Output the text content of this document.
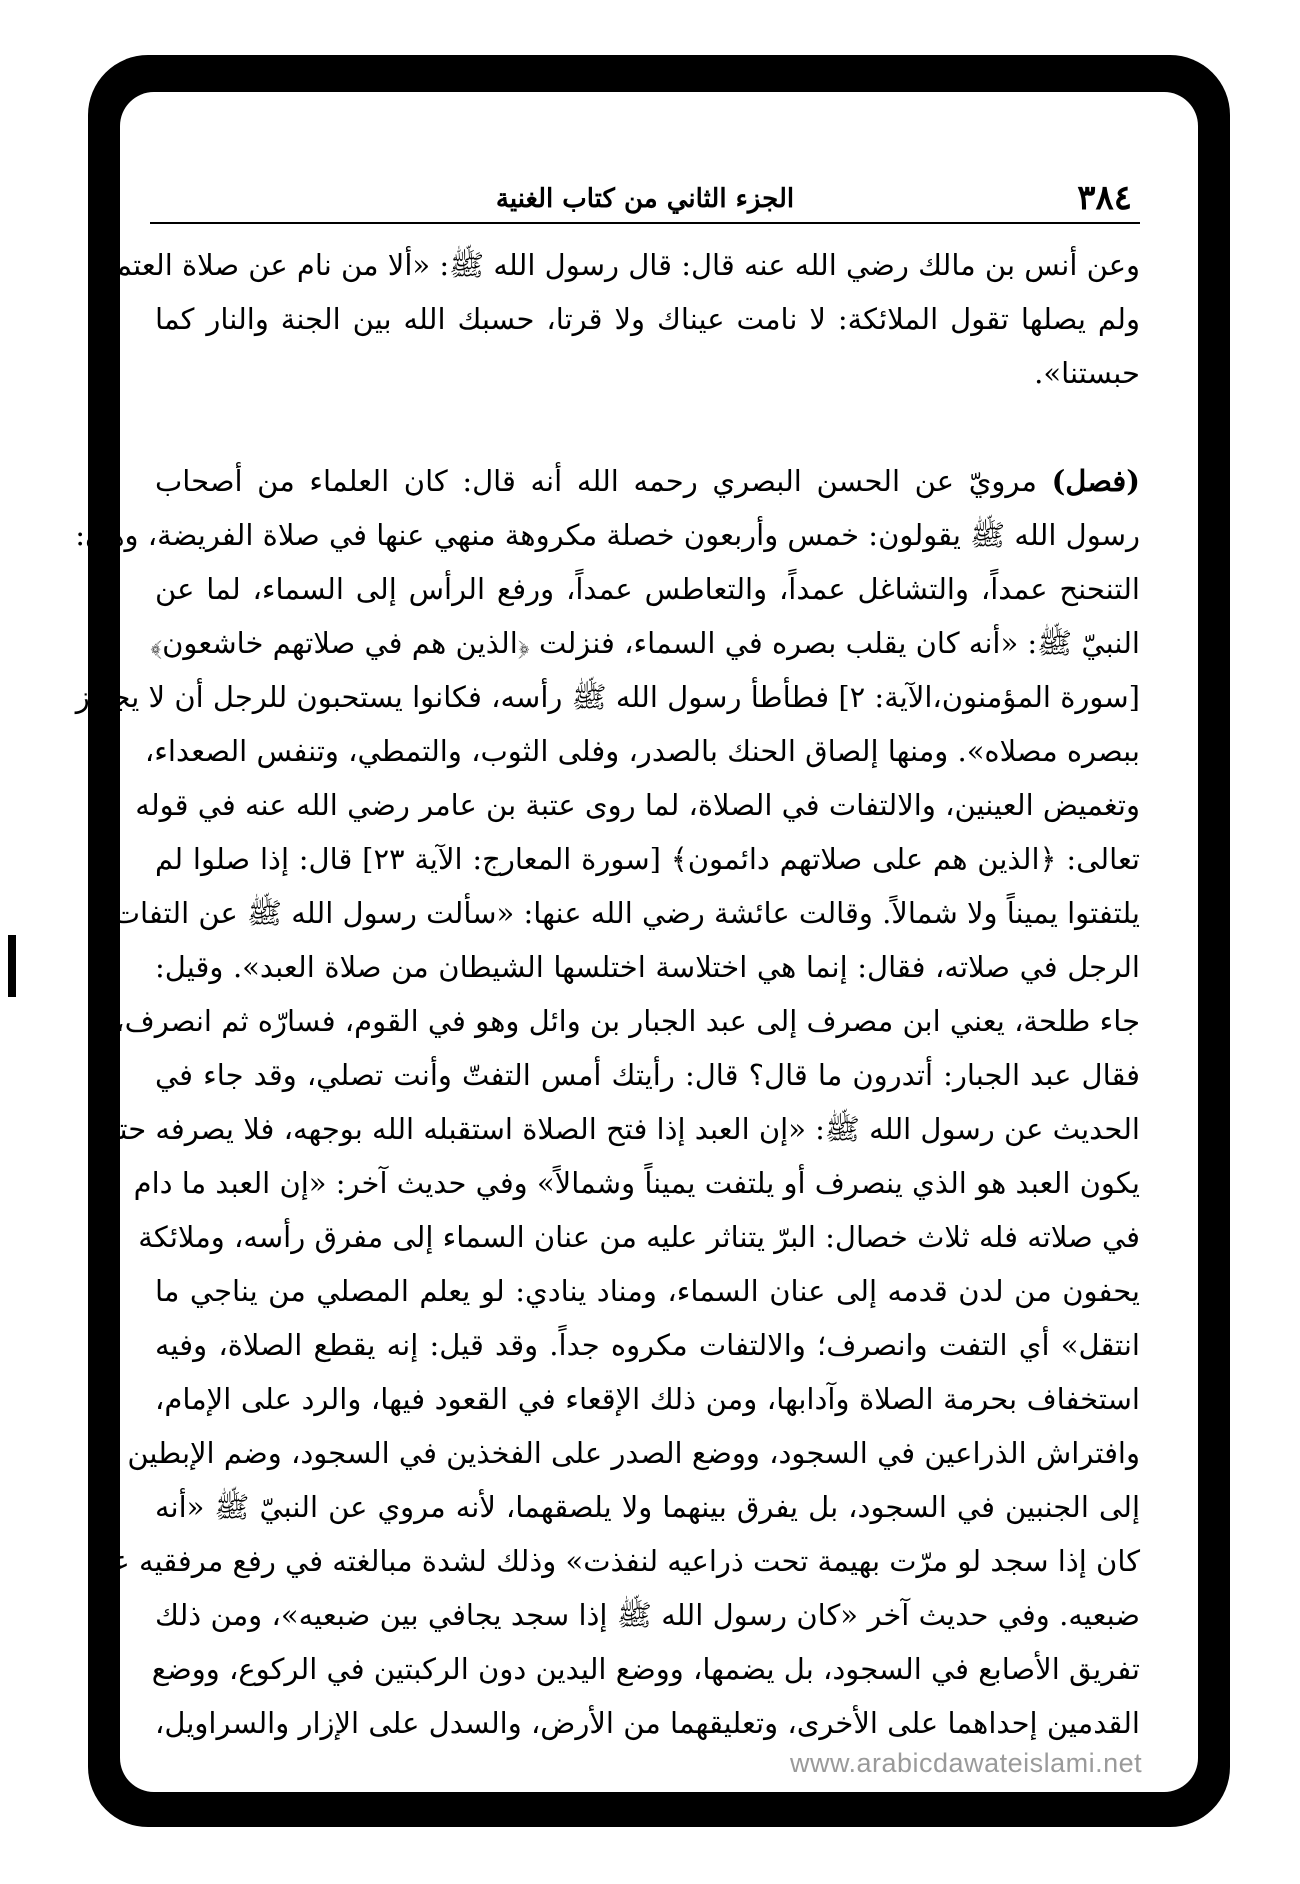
٣٨٤
الجزء الثاني من كتاب الغنية
وعن أنس بن مالك رضي الله عنه قال: قال رسول الله ﷺ: «ألا من نام عن صلاة العتمة
ولم يصلها تقول الملائكة: لا نامت عيناك ولا قرتا، حسبك الله بين الجنة والنار كما
حبستنا».
(فصل) مرويّ عن الحسن البصري رحمه الله أنه قال: كان العلماء من أصحاب
رسول الله ﷺ يقولون: خمس وأربعون خصلة مكروهة منهي عنها في صلاة الفريضة، وهي:
التنحنح عمداً، والتشاغل عمداً، والتعاطس عمداً، ورفع الرأس إلى السماء، لما عن
النبيّ ﷺ: «أنه كان يقلب بصره في السماء، فنزلت ﴿الذين هم في صلاتهم خاشعون﴾
[سورة المؤمنون،الآية: ٢] فطأطأ رسول الله ﷺ رأسه، فكانوا يستحبون للرجل أن لا يجاوز
ببصره مصلاه». ومنها إلصاق الحنك بالصدر، وفلى الثوب، والتمطي، وتنفس الصعداء،
وتغميض العينين، والالتفات في الصلاة، لما روى عتبة بن عامر رضي الله عنه في قوله
تعالى: ﴿الذين هم على صلاتهم دائمون﴾ [سورة المعارج: الآية ٢٣] قال: إذا صلوا لم
يلتفتوا يميناً ولا شمالاً. وقالت عائشة رضي الله عنها: «سألت رسول الله ﷺ عن التفات
الرجل في صلاته، فقال: إنما هي اختلاسة اختلسها الشيطان من صلاة العبد». وقيل:
جاء طلحة، يعني ابن مصرف إلى عبد الجبار بن وائل وهو في القوم، فسارّه ثم انصرف،
فقال عبد الجبار: أتدرون ما قال؟ قال: رأيتك أمس التفتّ وأنت تصلي، وقد جاء في
الحديث عن رسول الله ﷺ: «إن العبد إذا فتح الصلاة استقبله الله بوجهه، فلا يصرفه حتى
يكون العبد هو الذي ينصرف أو يلتفت يميناً وشمالاً» وفي حديث آخر: «إن العبد ما دام
في صلاته فله ثلاث خصال: البرّ يتناثر عليه من عنان السماء إلى مفرق رأسه، وملائكة
يحفون من لدن قدمه إلى عنان السماء، ومناد ينادي: لو يعلم المصلي من يناجي ما
انتقل» أي التفت وانصرف؛ والالتفات مكروه جداً. وقد قيل: إنه يقطع الصلاة، وفيه
استخفاف بحرمة الصلاة وآدابها، ومن ذلك الإقعاء في القعود فيها، والرد على الإمام،
وافتراش الذراعين في السجود، ووضع الصدر على الفخذين في السجود، وضم الإبطين
إلى الجنبين في السجود، بل يفرق بينهما ولا يلصقهما، لأنه مروي عن النبيّ ﷺ «أنه
كان إذا سجد لو مرّت بهيمة تحت ذراعيه لنفذت» وذلك لشدة مبالغته في رفع مرفقيه عن
ضبعيه. وفي حديث آخر «كان رسول الله ﷺ إذا سجد يجافي بين ضبعيه»، ومن ذلك
تفريق الأصابع في السجود، بل يضمها، ووضع اليدين دون الركبتين في الركوع، ووضع
القدمين إحداهما على الأخرى، وتعليقهما من الأرض، والسدل على الإزار والسراويل،
www.arabicdawateislami.net
